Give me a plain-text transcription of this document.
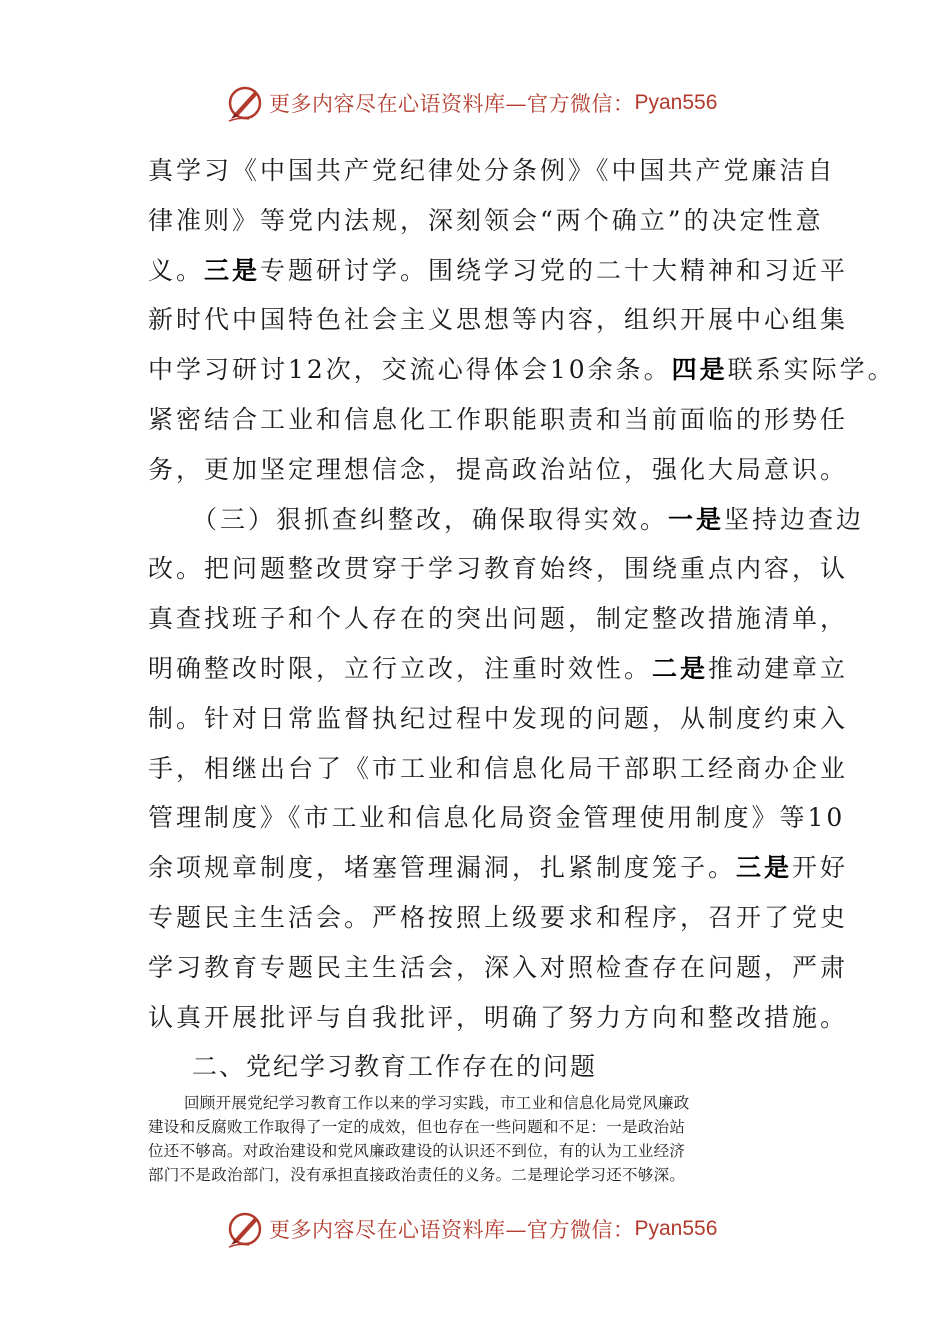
更多内容尽在心语资料库—官方微信： Pyan556
真学习《中国共产党纪律处分条例》《中国共产党廉洁自
律准则》等党内法规，深刻领会“两个确立”的决定性意
义。三是专题研讨学。围绕学习党的二十大精神和习近平
新时代中国特色社会主义思想等内容，组织开展中心组集
中学习研讨12次，交流心得体会10余条。四是联系实际学。
紧密结合工业和信息化工作职能职责和当前面临的形势任
务，更加坚定理想信念，提高政治站位，强化大局意识。
（三）狠抓查纠整改，确保取得实效。一是坚持边查边
改。把问题整改贯穿于学习教育始终，围绕重点内容，认
真查找班子和个人存在的突出问题，制定整改措施清单，
明确整改时限，立行立改，注重时效性。二是推动建章立
制。针对日常监督执纪过程中发现的问题，从制度约束入
手，相继出台了《市工业和信息化局干部职工经商办企业
管理制度》《市工业和信息化局资金管理使用制度》等10
余项规章制度，堵塞管理漏洞，扎紧制度笼子。三是开好
专题民主生活会。严格按照上级要求和程序，召开了党史
学习教育专题民主生活会，深入对照检查存在问题，严肃
认真开展批评与自我批评，明确了努力方向和整改措施。
二、党纪学习教育工作存在的问题
回顾开展党纪学习教育工作以来的学习实践，市工业和信息化局党风廉政
建设和反腐败工作取得了一定的成效，但也存在一些问题和不足：一是政治站
位还不够高。对政治建设和党风廉政建设的认识还不到位，有的认为工业经济
部门不是政治部门，没有承担直接政治责任的义务。二是理论学习还不够深。
更多内容尽在心语资料库—官方微信： Pyan556
